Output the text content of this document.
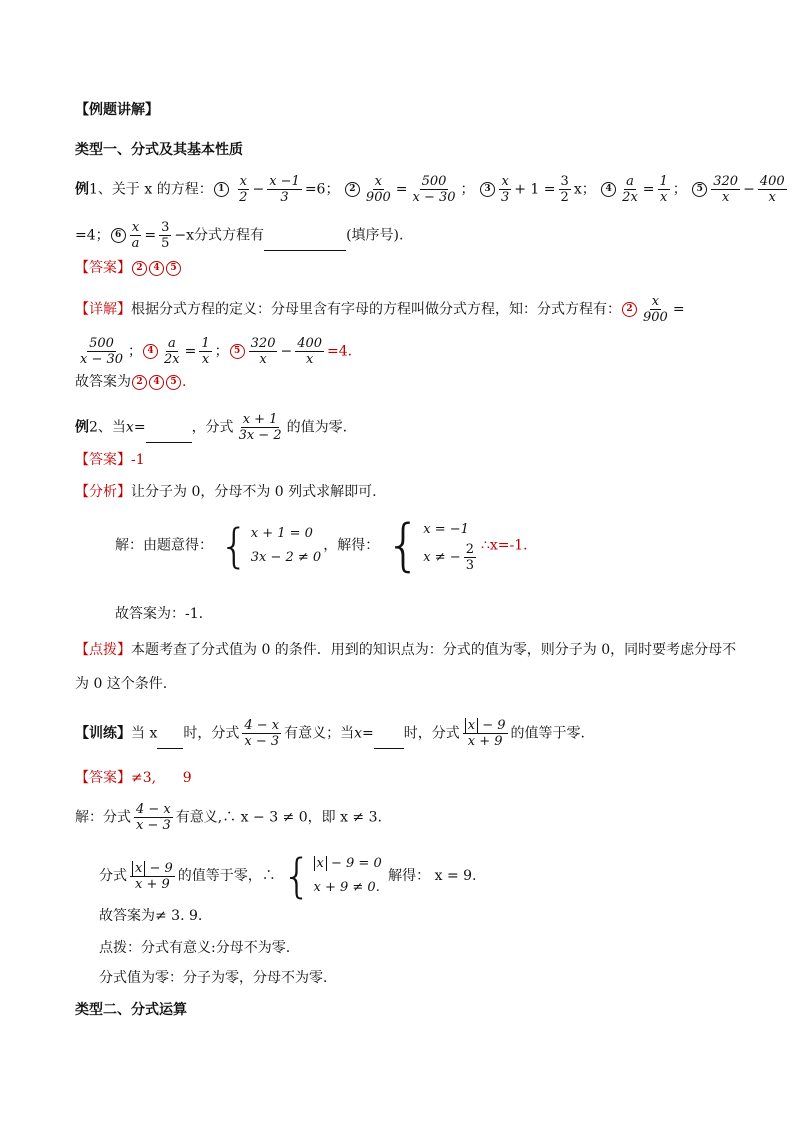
【例题讲解】
类型一、分式及其基本性质
例1、关于 x 的方程： $1 \frac{x}{2} - \frac{x -1}{3} =6$； $2 \frac{x}{900} = \frac{500}{x - 30}$ ； $3 \frac{x}{3} + 1 = \frac{3}{2}$ x； $4 \frac{a}{2x} = \frac{1}{x}$ ； $5 \frac{320}{x} - \frac{400}{x}$
=4； $6 \frac{x}{a} = \frac{3}{5} -x$分式方程有	(填序号).
【答案】 2 4 5
【详解】根据分式方程的定义：分母里含有字母的方程叫做分式方程，知：分式方程有： $2 \frac{x}{900}$ =
$\frac{500}{x - 30}$ ； $4 \frac{a}{2x} = \frac{1}{x}$ ； $5 \frac{320}{x} - \frac{400}{x} =4$.
故答案为 2 4 5 .
例2、当x=	，分式 $\frac{x + 1}{3x - 2}$ 的值为零.
【答案】-1
【分析】让分子为 0，分母不为 0 列式求解即可.
解：由题意得： { x + 1 = 0
3x − 2 ≠ 0
，解得： { x = −1
x ≠ − $\frac{2}{3}$ ∴x=-1.
故答案为：-1.
【点拨】本题考查了分式值为 0 的条件．用到的知识点为：分式的值为零，则分子为 0，同时要考虑分母不
为 0 这个条件.
【训练】当 x 时，分式 $\frac{4 - x}{x - 3}$ 有意义；当x= 时，分式 $\frac{x - 9}{x + 9}$ 的值等于零.
【答案】≠3,      9
解：分式 $\frac{4 - x}{x - 3}$ 有意义,∴ x − 3 ≠ 0，即 x ≠ 3.
分式 $\frac{x - 9}{x + 9}$ 的值等于零，∴ { x − 9 = 0
x + 9 ≠ 0.
解得： x = 9.
故答案为≠ 3. 9.
点拨：分式有意义:分母不为零.
分式值为零：分子为零，分母不为零.
类型二、分式运算
